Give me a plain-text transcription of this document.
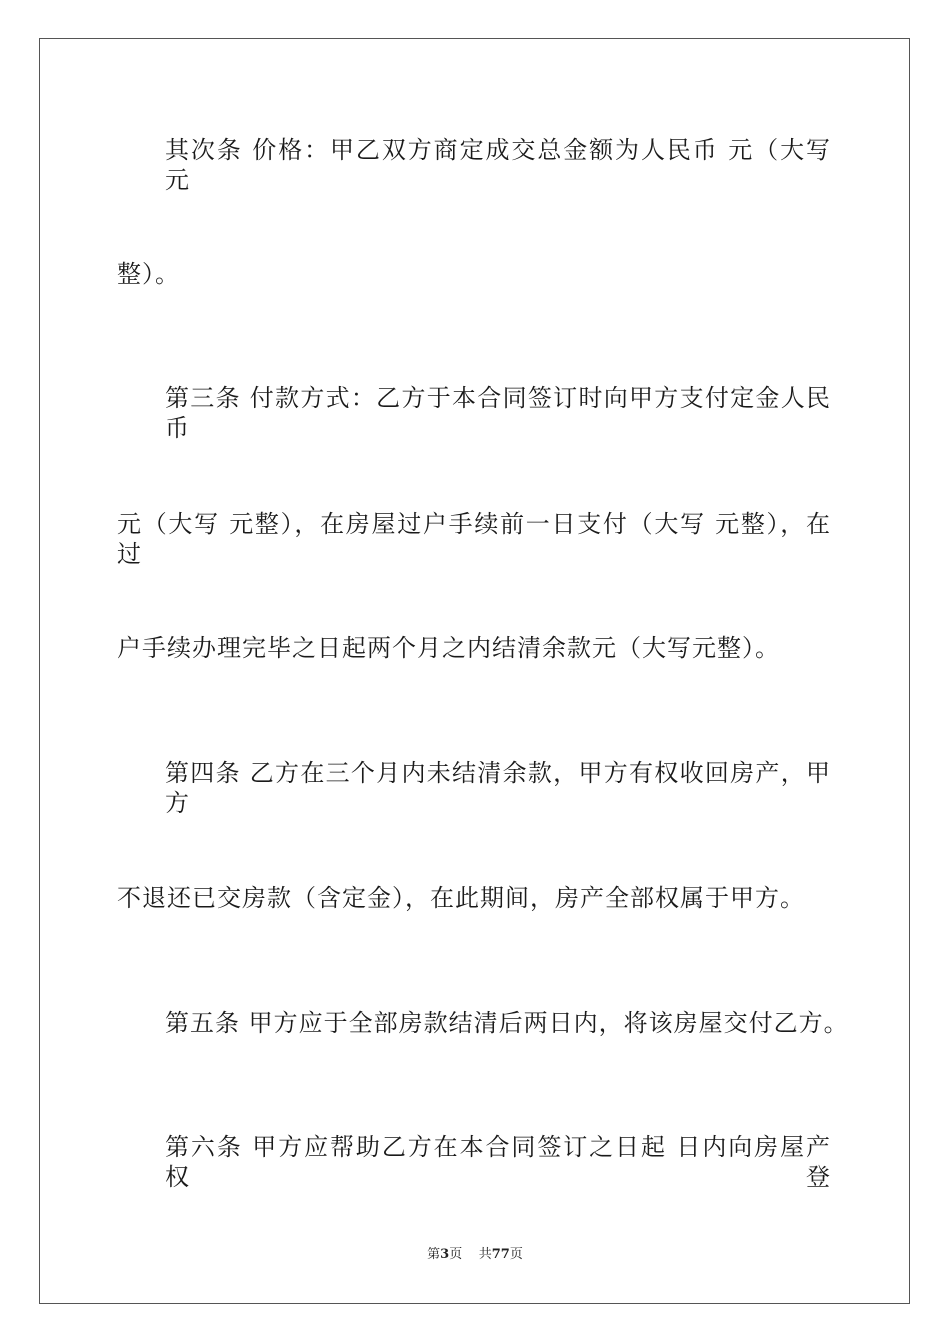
其次条 价格：甲乙双方商定成交总金额为人民币 元（大写 元
整）。
第三条 付款方式：乙方于本合同签订时向甲方支付定金人民币
元（大写 元整），在房屋过户手续前一日支付（大写 元整），在过
户手续办理完毕之日起两个月之内结清余款元（大写元整）。
第四条 乙方在三个月内未结清余款，甲方有权收回房产，甲方
不退还已交房款（含定金），在此期间，房产全部权属于甲方。
第五条 甲方应于全部房款结清后两日内，将该房屋交付乙方。
第六条 甲方应帮助乙方在本合同签订之日起 日内向房屋产权登
第3页 共77页
